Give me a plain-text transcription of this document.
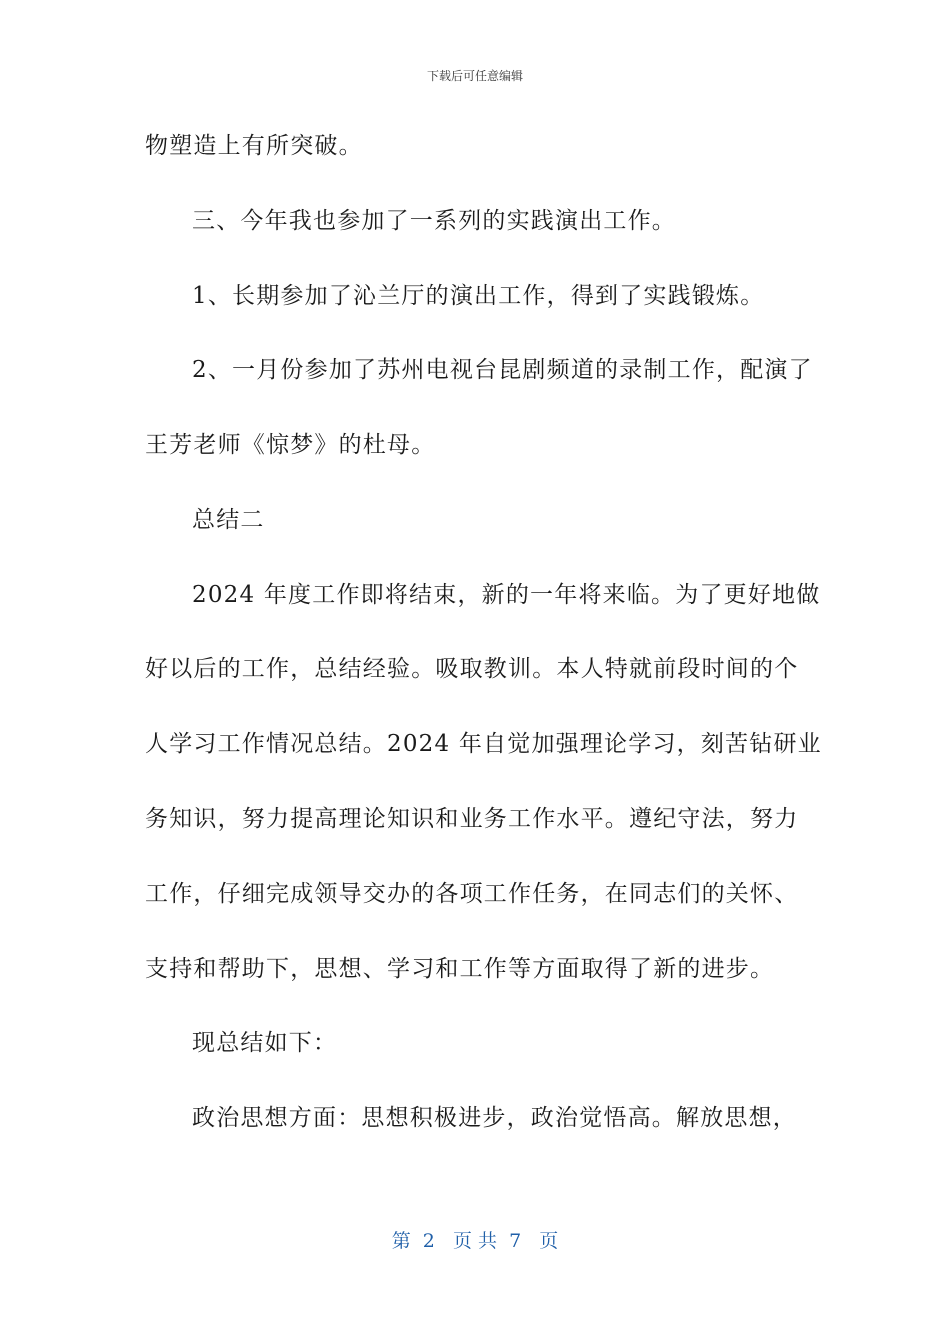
下载后可任意编辑
物塑造上有所突破。
三、今年我也参加了一系列的实践演出工作。
1、长期参加了沁兰厅的演出工作，得到了实践锻炼。
2、一月份参加了苏州电视台昆剧频道的录制工作，配演了
王芳老师《惊梦》的杜母。
总结二
2024 年度工作即将结束，新的一年将来临。为了更好地做
好以后的工作，总结经验。吸取教训。本人特就前段时间的个
人学习工作情况总结。2024 年自觉加强理论学习，刻苦钻研业
务知识，努力提高理论知识和业务工作水平。遵纪守法，努力
工作，仔细完成领导交办的各项工作任务，在同志们的关怀、
支持和帮助下，思想、学习和工作等方面取得了新的进步。
现总结如下：
政治思想方面：思想积极进步，政治觉悟高。解放思想，
第  2   页 共  7   页
